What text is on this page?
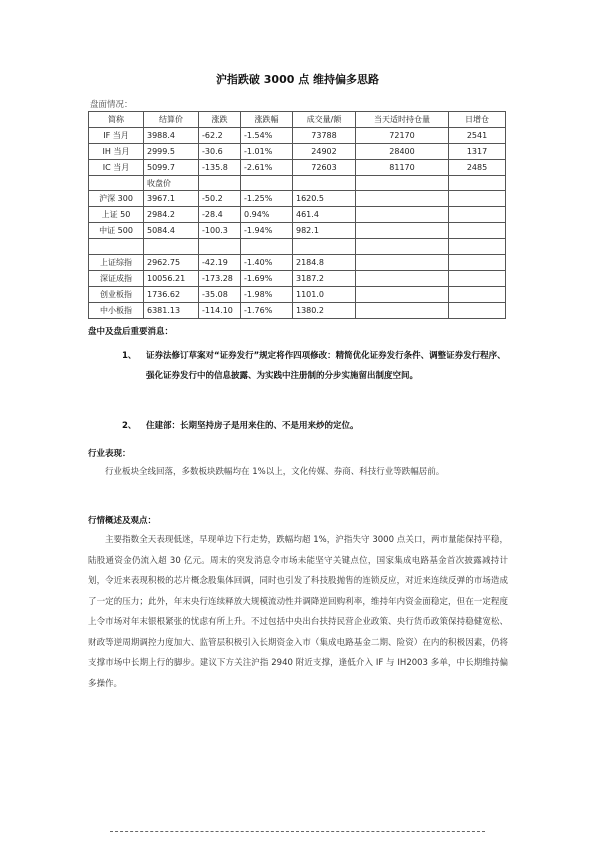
沪指跌破 3000 点 维持偏多思路
盘面情况：
简称	结算价	涨跌	涨跌幅	成交量/额	当天适时持仓量	日增仓
IF 当月	3988.4	-62.2	-1.54%	73788	72170	2541
IH 当月	2999.5	-30.6	-1.01%	24902	28400	1317
IC 当月	5099.7	-135.8	-2.61%	72603	81170	2485
	收盘价					
沪深 300	3967.1	-50.2	-1.25%	1620.5		
上证 50	2984.2	-28.4	0.94%	461.4		
中证 500	5084.4	-100.3	-1.94%	982.1		

上证综指	2962.75	-42.19	-1.40%	2184.8		
深证成指	10056.21	-173.28	-1.69%	3187.2		
创业板指	1736.62	-35.08	-1.98%	1101.0		
中小板指	6381.13	-114.10	-1.76%	1380.2		
盘中及盘后重要消息：
1、	证券法修订草案对“证券发行”规定将作四项修改：精简优化证券发行条件、调整证券发行程序、强化证券发行中的信息披露、为实践中注册制的分步实施留出制度空间。
2、	住建部：长期坚持房子是用来住的、不是用来炒的定位。
行业表现：
行业板块全线回落，多数板块跌幅均在 1%以上，文化传媒、券商、科技行业等跌幅居前。
行情概述及观点：
主要指数全天表现低迷，早现单边下行走势，跌幅均超 1%，沪指失守 3000 点关口，两市量能保持平稳，陆股通资金仍流入超 30 亿元。周末的突发消息令市场未能坚守关键点位，国家集成电路基金首次披露减持计划，令近来表现积极的芯片概念股集体回调，同时也引发了科技股抛售的连锁反应，对近来连续反弹的市场造成了一定的压力；此外，年末央行连续释放大规模流动性并调降逆回购利率，维持年内资金面稳定，但在一定程度上令市场对年末银根紧张的忧虑有所上升。不过包括中央出台扶持民营企业政策、央行货币政策保持稳健宽松、财政等逆周期调控力度加大、监管层积极引入长期资金入市（集成电路基金二期、险资）在内的积极因素，仍将支撑市场中长期上行的脚步。建议下方关注沪指 2940 附近支撑，逢低介入 IF 与 IH2003 多单，中长期维持偏多操作。
